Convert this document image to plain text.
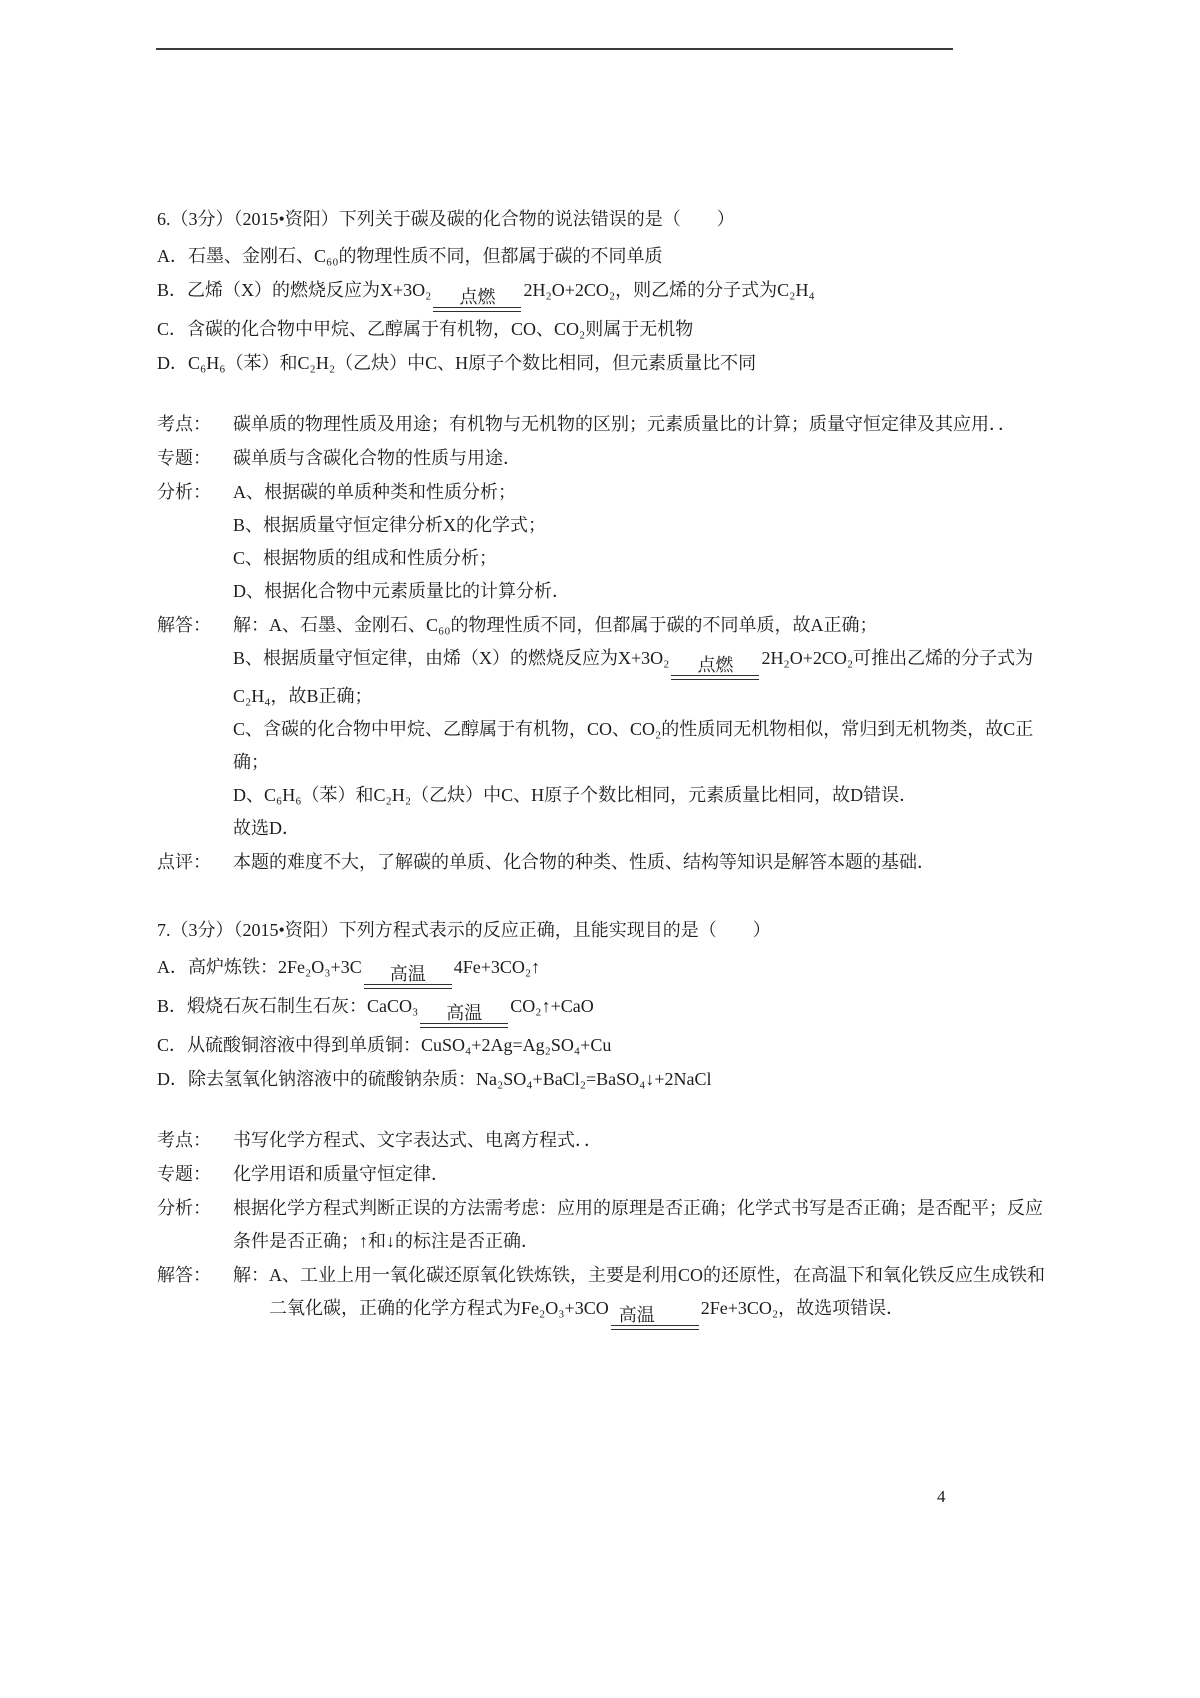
6.（3分）（2015•资阳）下列关于碳及碳的化合物的说法错误的是（　　）

A． 石墨、金刚石、C₆₀的物理性质不同，但都属于碳的不同单质
B． 乙烯（X）的燃烧反应为X+3O₂	点燃	2H₂O+2CO₂，则乙烯的分子式为C₂H₄
C． 含碳的化合物中甲烷、乙醇属于有机物，CO、CO₂则属于无机物
D． C₆H₆（苯）和C₂H₂（乙炔）中C、H原子个数比相同，但元素质量比不同
考点：	碳单质的物理性质及用途；有机物与无机物的区别；元素质量比的计算；质量守恒定律及其应用．．

专题：	碳单质与含碳化合物的性质与用途．

分析：	A、根据碳的单质种类和性质分析；

B、根据质量守恒定律分析X的化学式；

C、根据物质的组成和性质分析；

D、根据化合物中元素质量比的计算分析．

解答：	解：A、石墨、金刚石、C₆₀的物理性质不同，但都属于碳的不同单质，故A正确；

B、根据质量守恒定律，由烯（X）的燃烧反应为X+3O₂	点燃	2H₂O+2CO₂可推出乙烯的分子式为C₂H₄，故B正确；

C、含碳的化合物中甲烷、乙醇属于有机物，CO、CO₂的性质同无机物相似，常归到无机物类，故C正确；

D、C₆H₆（苯）和C₂H₂（乙炔）中C、H原子个数比相同，元素质量比相同，故D错误．

故选D．

点评：	本题的难度不大，了解碳的单质、化合物的种类、性质、结构等知识是解答本题的基础．

7.（3分）（2015•资阳）下列方程式表示的反应正确，且能实现目的是（　　）

A． 高炉炼铁：2Fe₂O₃+3C	高温	4Fe+3CO₂↑
B． 煅烧石灰石制生石灰：CaCO₃	高温	CO₂↑+CaO
C． 从硫酸铜溶液中得到单质铜：CuSO₄+2Ag=Ag₂SO₄+Cu
D． 除去氢氧化钠溶液中的硫酸钠杂质：Na₂SO₄+BaCl₂=BaSO₄↓+2NaCl
考点：	书写化学方程式、文字表达式、电离方程式．．

专题：	化学用语和质量守恒定律．

分析：	根据化学方程式判断正误的方法需考虑：应用的原理是否正确；化学式书写是否正确；是否配平；反应条件是否正确；↑和↓的标注是否正确．

解答：	解：A、工业上用一氧化碳还原氧化铁炼铁，主要是利用CO的还原性，在高温下和氧化铁反应生成铁和二氧化碳，正确的化学方程式为Fe₂O₃+3CO 高温	2Fe+3CO₂，故选项错误．

4
